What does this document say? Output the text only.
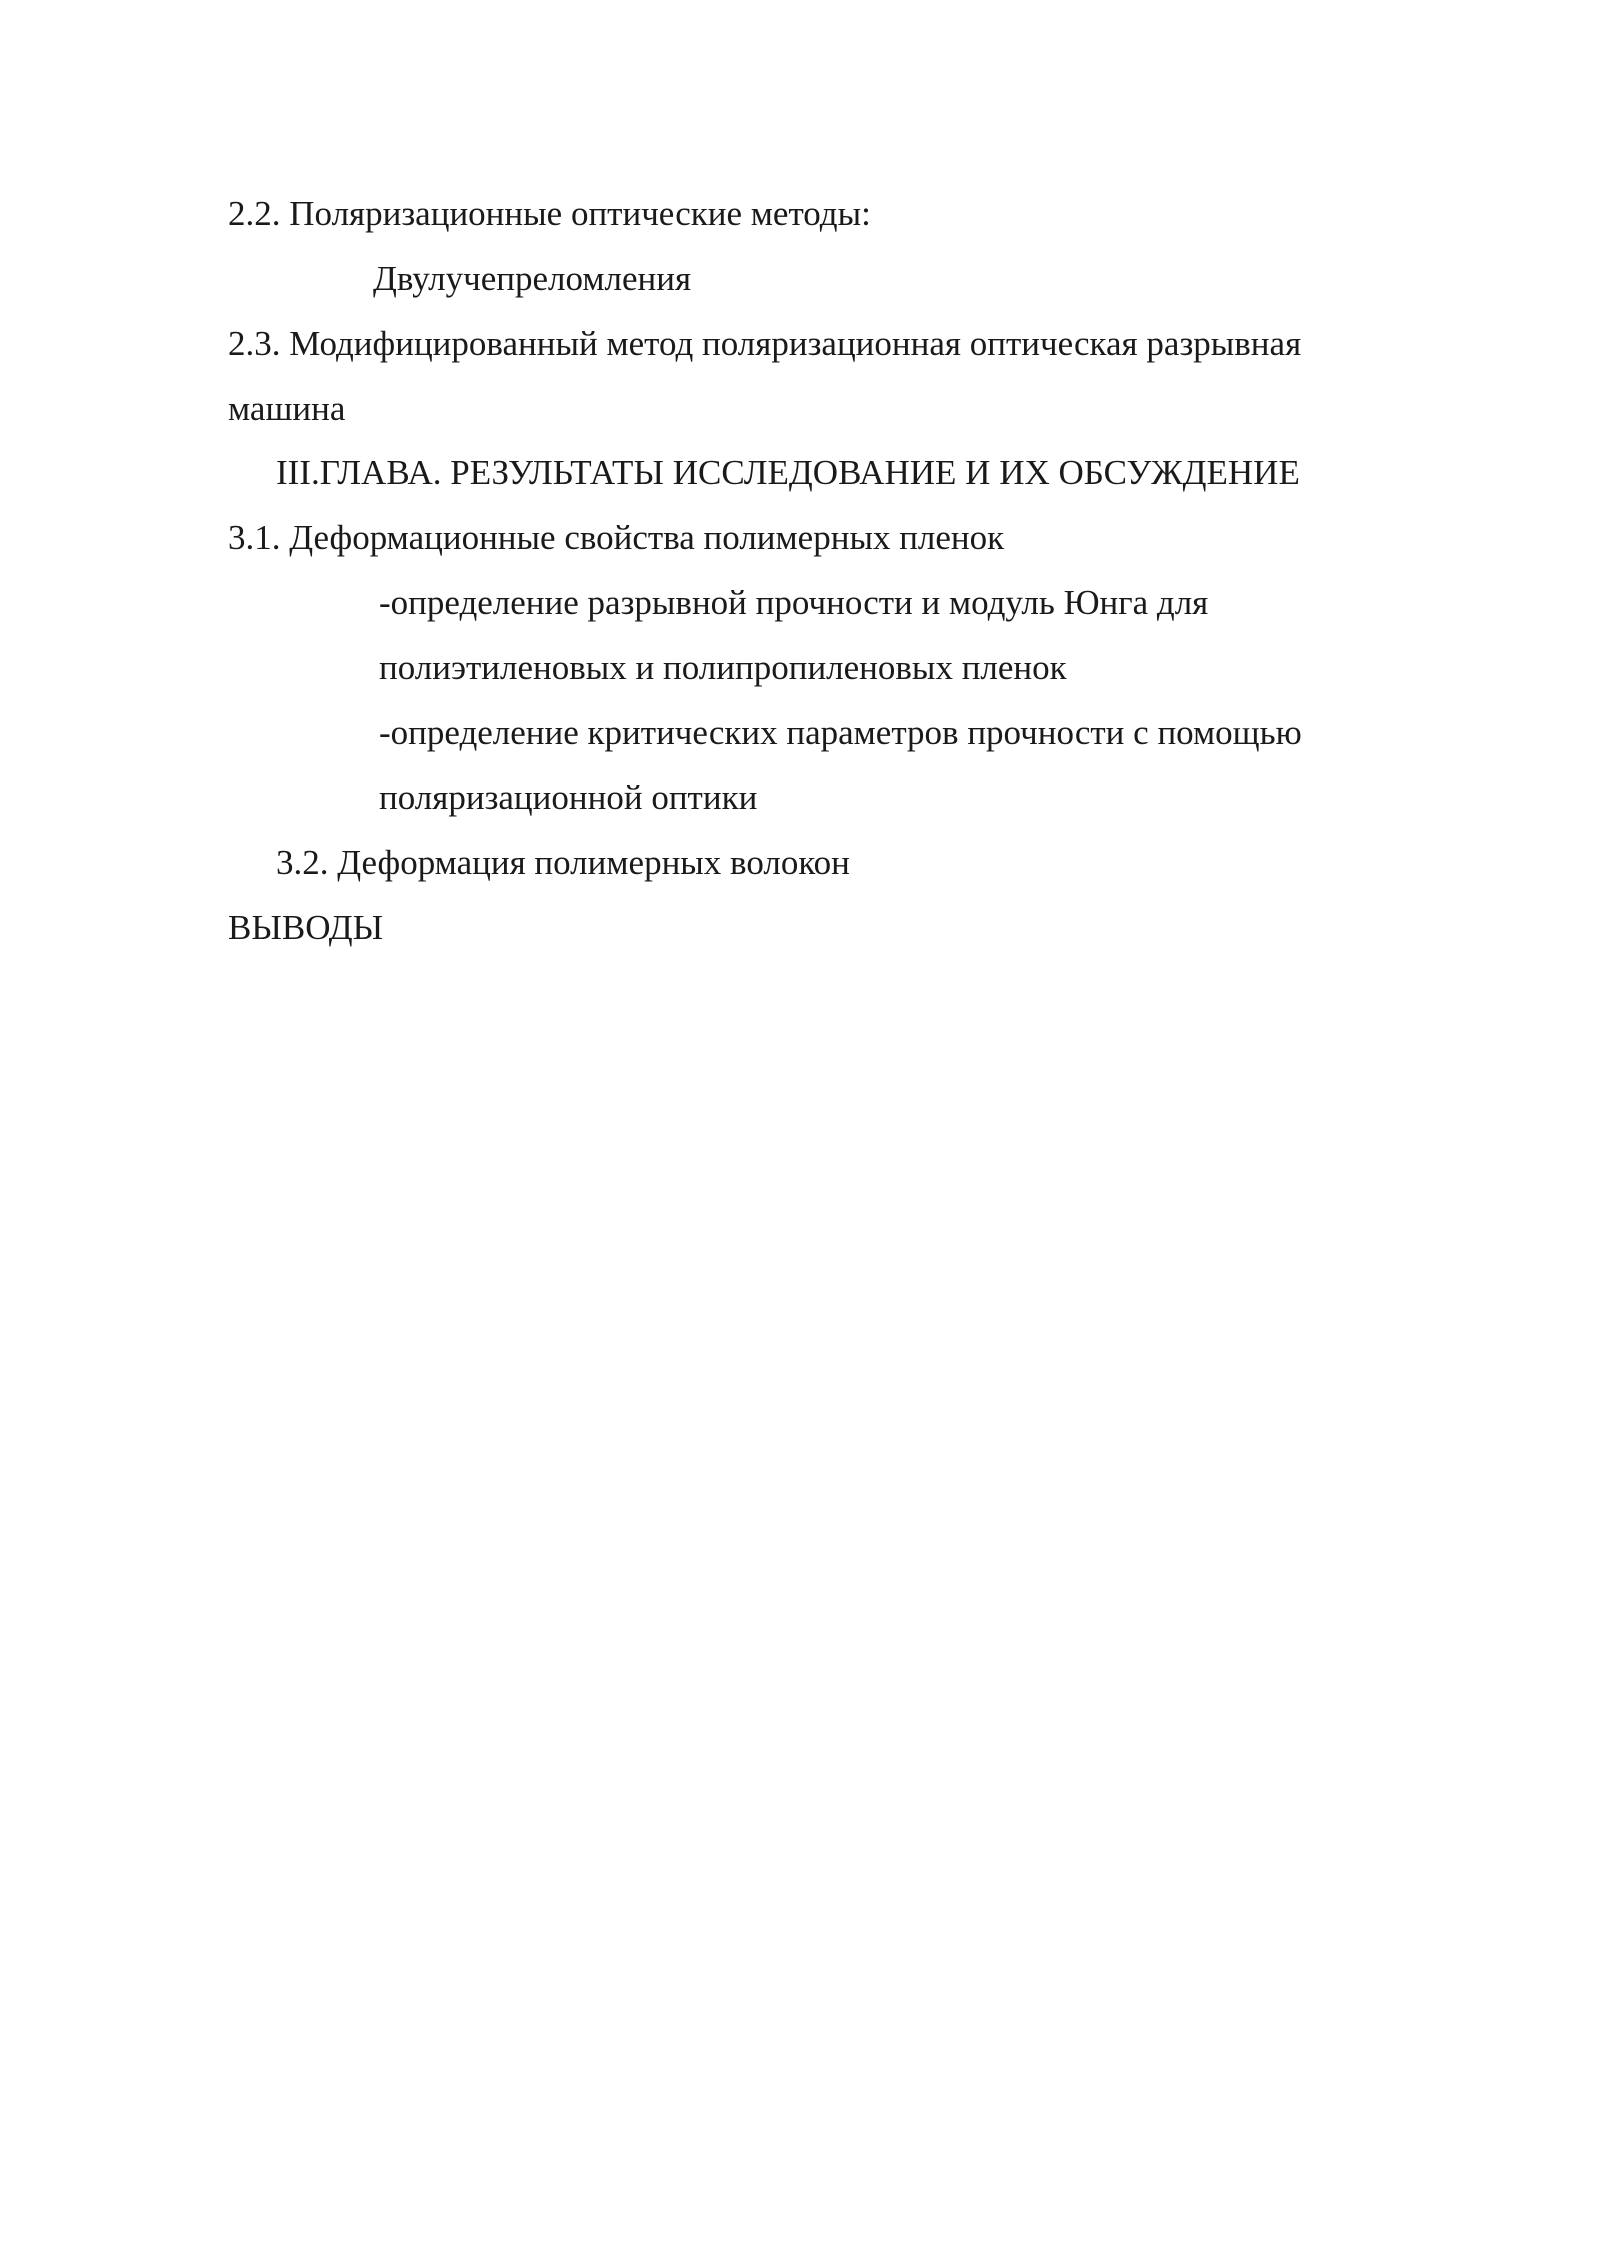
2.2. Поляризационные оптические методы:
Двулучепреломления
2.3. Модифицированный метод поляризационная оптическая разрывная
машина
III.ГЛАВА. РЕЗУЛЬТАТЫ ИССЛЕДОВАНИЕ И ИХ ОБСУЖДЕНИЕ
3.1. Деформационные свойства полимерных пленок
-определение разрывной прочности и модуль Юнга для
полиэтиленовых и полипропиленовых пленок
-определение критических параметров прочности с помощью
поляризационной оптики
3.2. Деформация полимерных волокон
ВЫВОДЫ
